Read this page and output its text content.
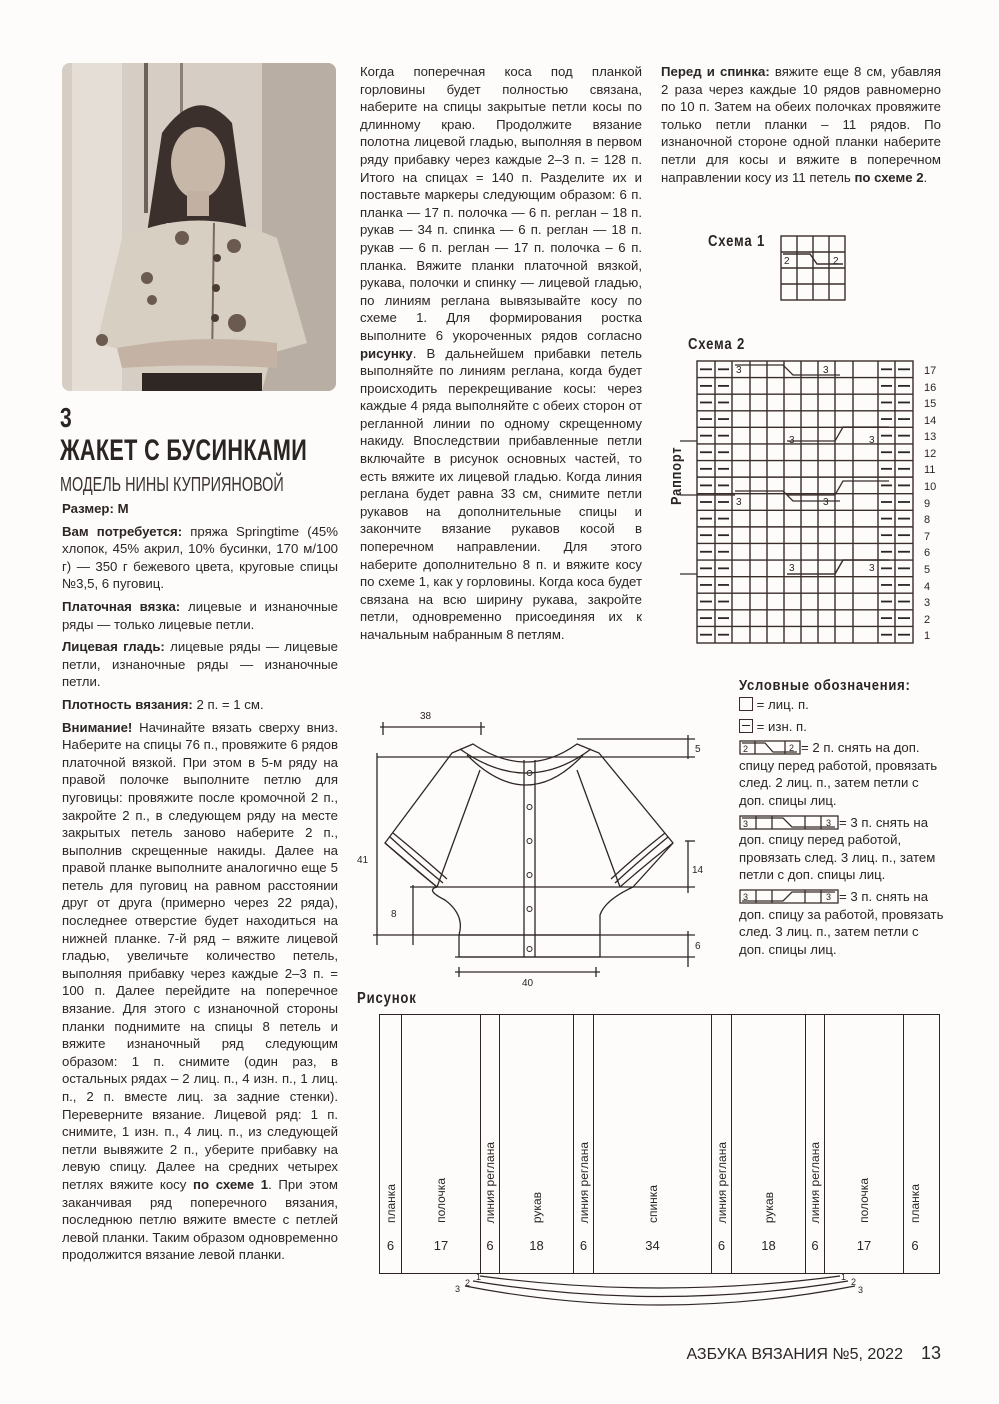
3
ЖАКЕТ С БУСИНКАМИ
МОДЕЛЬ НИНЫ КУПРИЯНОВОЙ

Размер: M

Вам потребуется: пряжа Springtime (45% хлопок, 45% акрил, 10% бусинки, 170 м/100 г) — 350 г бежевого цвета, круговые спицы №3,5, 6 пуговиц.

Платочная вязка: лицевые и изнаночные ряды — только лицевые петли.

Лицевая гладь: лицевые ряды — лицевые петли, изнаночные ряды — изнаночные петли.

Плотность вязания: 2 п. = 1 см.

Внимание! Начинайте вязать сверху вниз. Наберите на спицы 76 п., провяжите 6 рядов платочной вязкой. При этом в 5-м ряду на правой полочке выполните петлю для пуговицы: провяжите после кромочной 2 п., закройте 2 п., в следующем ряду на месте закрытых петель заново наберите 2 п., выполнив скрещенные накиды. Далее на правой планке выполните аналогично еще 5 петель для пуговиц на равном расстоянии друг от друга (примерно через 22 ряда), последнее отверстие будет находиться на нижней планке. 7-й ряд – вяжите лицевой гладью, увеличьте количество петель, выполняя прибавку через каждые 2–3 п. = 100 п. Далее перейдите на поперечное вязание. Для этого с изнаночной стороны планки поднимите на спицы 8 петель и вяжите изнаночный ряд следующим образом: 1 п. снимите (один раз, в остальных рядах – 2 лиц. п., 4 изн. п., 1 лиц. п., 2 п. вместе лиц. за задние стенки). Переверните вязание. Лицевой ряд: 1 п. снимите, 1 изн. п., 4 лиц. п., из следующей петли вывяжите 2 п., уберите прибавку на левую спицу. Далее на средних четырех петлях вяжите косу по схеме 1. При этом заканчивая ряд поперечного вязания, последнюю петлю вяжите вместе с петлей левой планки. Таким образом одновременно продолжится вязание левой планки.

Когда поперечная коса под планкой горловины будет полностью связана, наберите на спицы закрытые петли косы по длинному краю. Продолжите вязание полотна лицевой гладью, выполняя в первом ряду прибавку через каждые 2–3 п. = 128 п. Итого на спицах = 140 п. Разделите их и поставьте маркеры следующим образом: 6 п. планка — 17 п. полочка — 6 п. реглан – 18 п. рукав — 34 п. спинка — 6 п. реглан — 18 п. рукав — 6 п. реглан — 17 п. полочка – 6 п. планка. Вяжите планки платочной вязкой, рукава, полочки и спинку — лицевой гладью, по линиям реглана вывязывайте косу по схеме 1. Для формирования ростка выполните 6 укороченных рядов согласно рисунку. В дальнейшем прибавки петель выполняйте по линиям реглана, когда будет происходить перекрещивание косы: через каждые 4 ряда выполняйте с обеих сторон от регланной линии по одному скрещенному накиду. Впоследствии прибавленные петли включайте в рисунок основных частей, то есть вяжите их лицевой гладью. Когда линия реглана будет равна 33 см, снимите петли рукавов на дополнительные спицы и закончите вязание рукавов косой в поперечном направлении. Для этого наберите дополнительно 8 п. и вяжите косу по схеме 1, как у горловины. Когда коса будет связана на всю ширину рукава, закройте петли, одновременно присоединяя их к начальным набранным 8 петлям.

Перед и спинка: вяжите еще 8 см, убавляя 2 раза через каждые 10 рядов равномерно по 10 п. Затем на обеих полочках провяжите только петли планки – 11 рядов. По изнаночной стороне одной планки наберите петли для косы и вяжите в поперечном направлении косу из 11 петель по схеме 2.

Схема 1
2	2
Схема 2
Раппорт
3	3
3	3
3	3
3	3
17
16
15
14
13
12
11
10
9
8
7
6
5
4
3
2
1
Условные обозначения:
= лиц. п.
= изн. п.
2	2 = 2 п. снять на доп. спицу перед работой, провязать след. 2 лиц. п., затем петли с доп. спицы лиц.
3	3 = 3 п. снять на доп. спицу перед работой, провязать след. 3 лиц. п., затем петли с доп. спицы лиц.
3	3 = 3 п. снять на доп. спицу за работой, провязать след. 3 лиц. п., затем петли с доп. спицы лиц.
38
5
41
14
8
6
40
Рисунок
планка
6
полочка
17
линия реглана
6
рукав
18
линия реглана
6
спинка
34
линия реглана
6
рукав
18
линия реглана
6
полочка
17
планка
6
1
2
3
1 2
3
АЗБУКА ВЯЗАНИЯ №5, 2022 13
